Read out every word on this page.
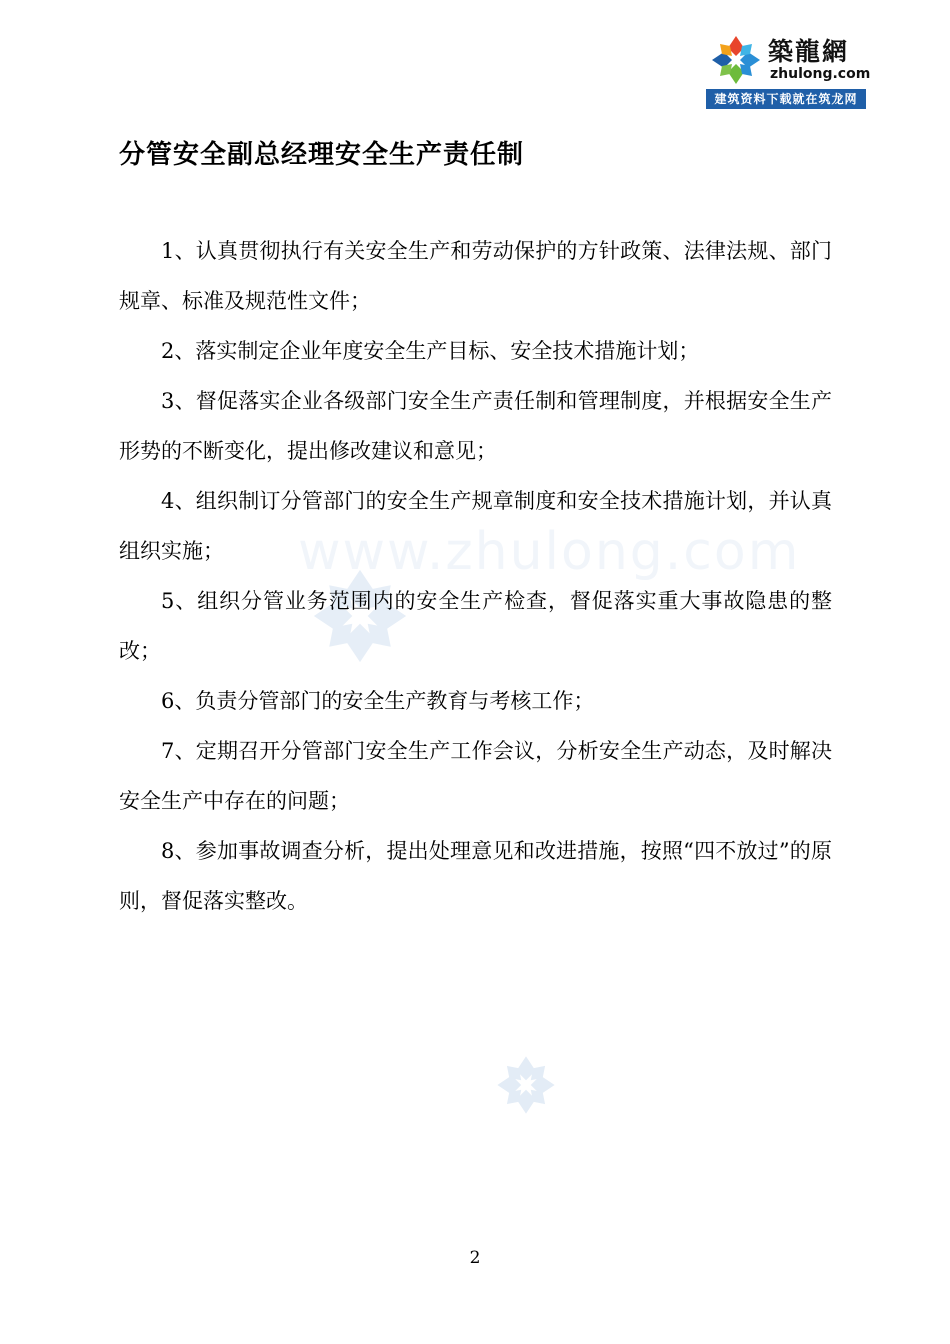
築龍網
zhulong.com
建筑资料下载就在筑龙网
www.zhulong.com
分管安全副总经理安全生产责任制

1、认真贯彻执行有关安全生产和劳动保护的方针政策、法律法规、部门规章、标准及规范性文件；

2、落实制定企业年度安全生产目标、安全技术措施计划；

3、督促落实企业各级部门安全生产责任制和管理制度，并根据安全生产形势的不断变化，提出修改建议和意见；

4、组织制订分管部门的安全生产规章制度和安全技术措施计划，并认真组织实施；

5、组织分管业务范围内的安全生产检查，督促落实重大事故隐患的整改；

6、负责分管部门的安全生产教育与考核工作；

7、定期召开分管部门安全生产工作会议，分析安全生产动态，及时解决安全生产中存在的问题；

8、参加事故调查分析，提出处理意见和改进措施，按照“四不放过”的原则，督促落实整改。

2
